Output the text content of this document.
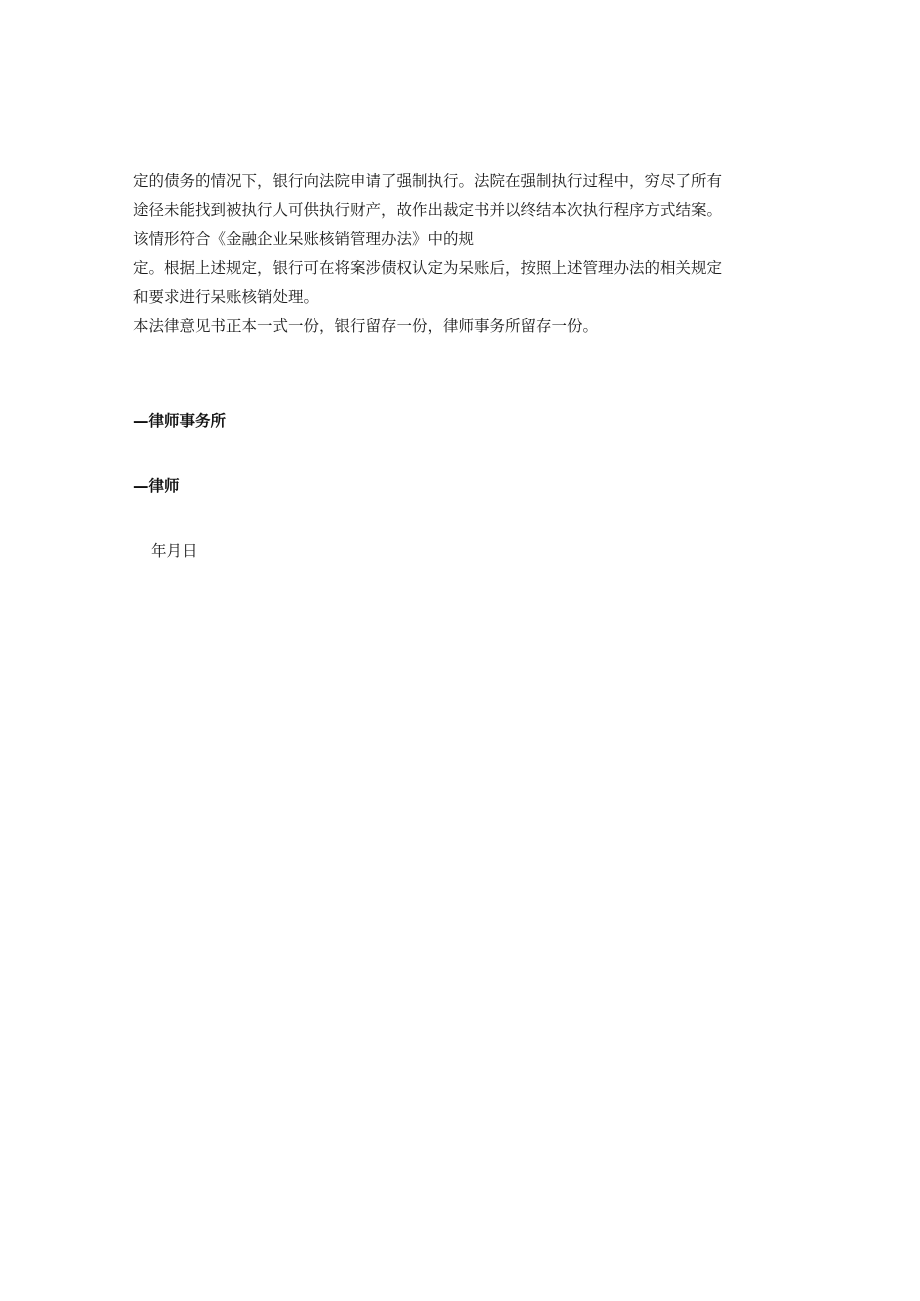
定的债务的情况下，银行向法院申请了强制执行。法院在强制执行过程中，穷尽了所有
途径未能找到被执行人可供执行财产，故作出裁定书并以终结本次执行程序方式结案。
该情形符合《金融企业呆账核销管理办法》中的规
定。根据上述规定，银行可在将案涉债权认定为呆账后，按照上述管理办法的相关规定
和要求进行呆账核销处理。
本法律意见书正本一式一份，银行留存一份，律师事务所留存一份。
—律师事务所
—律师
年月日
